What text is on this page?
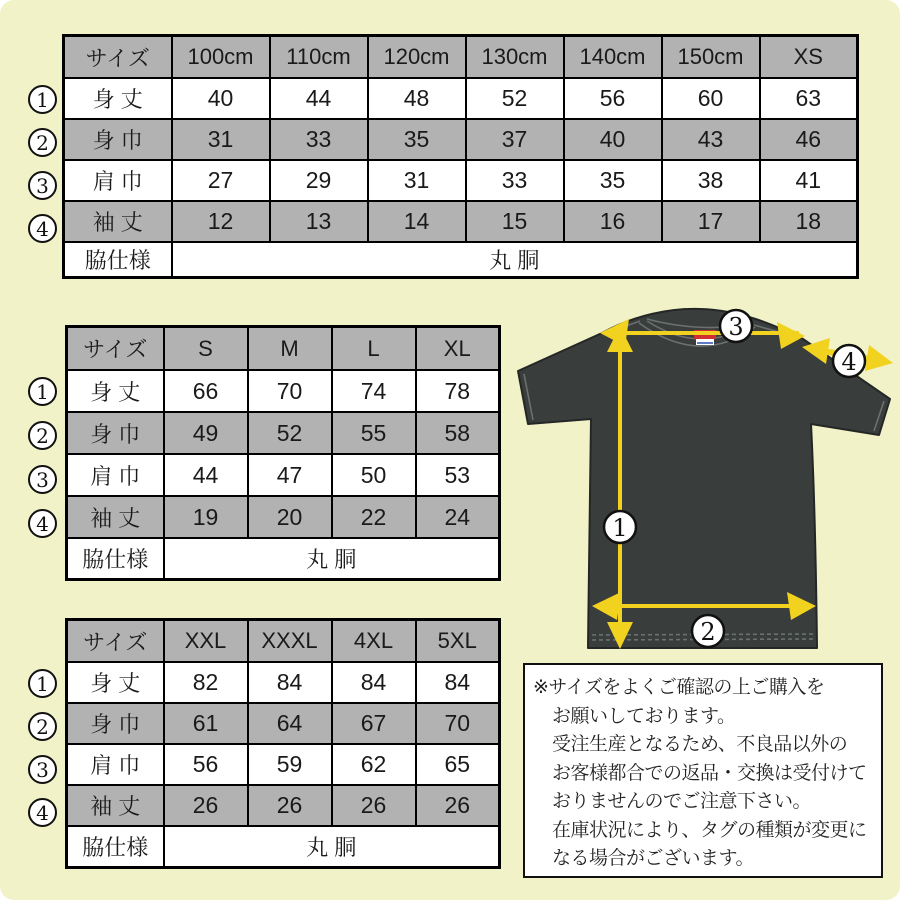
サイズ	100cm	110cm	120cm	130cm	140cm	150cm	XS
身 丈	40	44	48	52	56	60	63
身 巾	31	33	35	37	40	43	46
肩 巾	27	29	31	33	35	38	41
袖 丈	12	13	14	15	16	17	18
脇仕様	丸 胴						
1
2
3
4
サイズ	S	M	L	XL
身 丈	66	70	74	78
身 巾	49	52	55	58
肩 巾	44	47	50	53
袖 丈	19	20	22	24
脇仕様	丸 胴			
1
2
3
4
サイズ	XXL	XXXL	4XL	5XL
身 丈	82	84	84	84
身 巾	61	64	67	70
肩 巾	56	59	62	65
袖 丈	26	26	26	26
脇仕様	丸 胴			
1
2
3
4
1
2
3
4
※サイズをよくご確認の上ご購入を
お願いしております。
受注生産となるため、不良品以外の
お客様都合での返品・交換は受付けて
おりませんのでご注意下さい。
在庫状況により、タグの種類が変更に
なる場合がございます。
